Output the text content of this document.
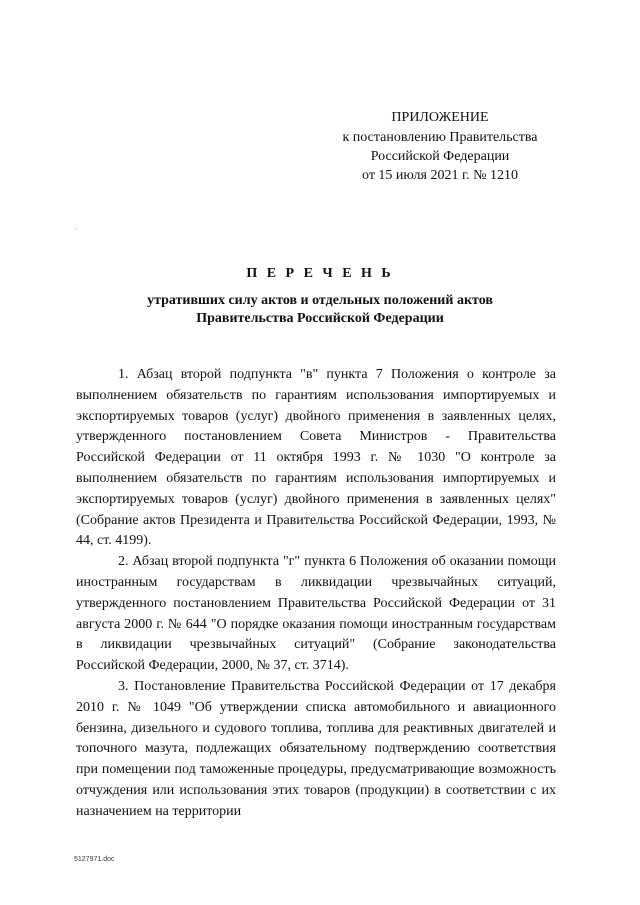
ПРИЛОЖЕНИЕ
к постановлению Правительства
Российской Федерации
от 15 июля 2021 г. № 1210
П Е Р Е Ч Е Н Ь
утративших силу актов и отдельных положений актов
Правительства Российской Федерации

1. Абзац второй подпункта "в" пункта 7 Положения о контроле за выполнением обязательств по гарантиям использования импортируемых и экспортируемых товаров (услуг) двойного применения в заявленных целях, утвержденного постановлением Совета Министров - Правительства Российской Федерации от 11 октября 1993 г. № 1030 "О контроле за выполнением обязательств по гарантиям использования импортируемых и экспортируемых товаров (услуг) двойного применения в заявленных целях" (Собрание актов Президента и Правительства Российской Федерации, 1993, № 44, ст. 4199).

2. Абзац второй подпункта "г" пункта 6 Положения об оказании помощи иностранным государствам в ликвидации чрезвычайных ситуаций, утвержденного постановлением Правительства Российской Федерации от 31 августа 2000 г. № 644 "О порядке оказания помощи иностранным государствам в ликвидации чрезвычайных ситуаций" (Собрание законодательства Российской Федерации, 2000, № 37, ст. 3714).

3. Постановление Правительства Российской Федерации от 17 декабря 2010 г. № 1049 "Об утверждении списка автомобильного и авиационного бензина, дизельного и судового топлива, топлива для реактивных двигателей и топочного мазута, подлежащих обязательному подтверждению соответствия при помещении под таможенные процедуры, предусматривающие возможность отчуждения или использования этих товаров (продукции) в соответствии с их назначением на территории

5127971.doc
